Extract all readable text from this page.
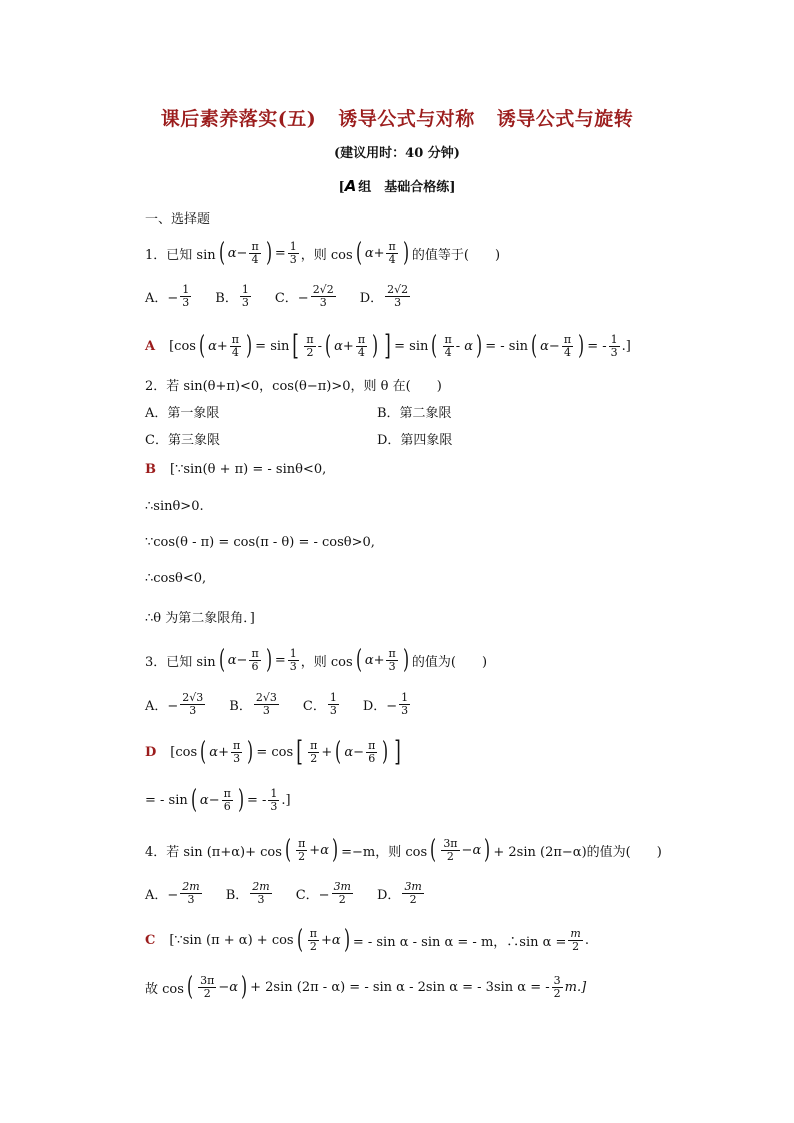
课后素养落实(五) 诱导公式与对称 诱导公式与旋转
(建议用时：40 分钟)
[A 组　基础合格练]
一、选择题
1．已知 sin ( $\alpha- \frac{\pi}{4}$ ) = $\frac{1}{3}$ ，则 cos ( $\alpha+ \frac{\pi}{4}$ ) 的值等于(　　)
A．− $\frac{1}{3}$ B． $\frac{1}{3}$ C．− $\frac{2√2}{3}$ D． $\frac{2√2}{3}$
A [cos ( $\alpha+ \frac{\pi}{4}$ ) = sin [ $\frac{\pi}{2}$ - ( $\alpha+ \frac{\pi}{4}$ ) ] = sin ( $\frac{\pi}{4}$ - α ) = - sin ( $\alpha- \frac{\pi}{4}$ ) = - $\frac{1}{3}$ .]
2．若 sin(θ+π)<0，cos(θ−π)>0，则 θ 在(　　)
A．第一象限	B．第二象限
C．第三象限	D．第四象限
B [∵sin(θ + π) = - sinθ<0,
∴sinθ>0.
∵cos(θ - π) = cos(π - θ) = - cosθ>0,
∴cosθ<0,
∴θ 为第二象限角．]
3．已知 sin ( $\alpha- \frac{\pi}{6}$ ) = $\frac{1}{3}$ ，则 cos ( $\alpha+ \frac{\pi}{3}$ ) 的值为(　　)
A．− $\frac{2√3}{3}$ B． $\frac{2√3}{3}$ C． $\frac{1}{3}$ D．− $\frac{1}{3}$
D [cos ( $\alpha+ \frac{\pi}{3}$ ) = cos [ $\frac{\pi}{2}$ + ( $\alpha- \frac{\pi}{6}$ ) ]
= - sin ( $\alpha- \frac{\pi}{6}$ ) = - $\frac{1}{3}$ .]
4．若 sin (π+α)+ cos ( $\frac{\pi}{2} +\alpha$ ) =−m，则 cos ( $\frac{3\pi}{2} -\alpha$ ) + 2sin (2π−α)的值为(　　)
A．− $\frac{2m}{3}$ B． $\frac{2m}{3}$ C．− $\frac{3m}{2}$ D． $\frac{3m}{2}$
C [∵sin (π + α) + cos ( $\frac{\pi}{2} +\alpha$ ) = - sin α - sin α = - m，∴sin $\alpha = \frac{m}{2}$ .
故 cos ( $\frac{3\pi}{2} -\alpha$ ) + 2sin (2π - α) = - sin α - 2sin α = - 3sin α = - $\frac{3}{2} m$.]
